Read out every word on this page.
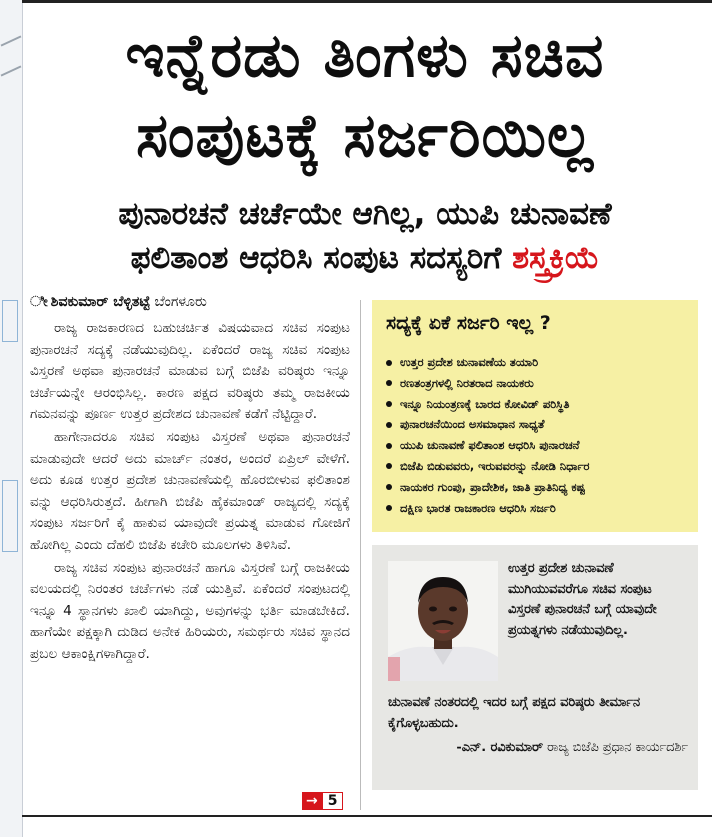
ಇನ್ನೆರಡು ತಿಂಗಳು ಸಚಿವ
ಸಂಪುಟಕ್ಕೆ ಸರ್ಜರಿಯಿಲ್ಲ
ಪುನಾರಚನೆ ಚರ್ಚೆಯೇ ಆಗಿಲ್ಲ, ಯುಪಿ ಚುನಾವಣೆ
ಫಲಿತಾಂಶ ಆಧರಿಸಿ ಸಂಪುಟ ಸದಸ್ಯರಿಗೆ ಶಸ್ತ್ರಕ್ರಿಯೆ
ೀ ಶಿವಕುಮಾರ್ ಬೆಳ್ಳಿತಟ್ಟೆ ಬೆಂಗಳೂರು

ರಾಜ್ಯ ರಾಜಕಾರಣದ ಬಹುಚರ್ಚಿತ ವಿಷಯವಾದ ಸಚಿವ ಸಂಪುಟ ಪುನಾರಚನೆ ಸದ್ಯಕ್ಕೆ ನಡೆಯುವುದಿಲ್ಲ. ಏಕೆಂದರೆ ರಾಜ್ಯ ಸಚಿವ ಸಂಪುಟ ವಿಸ್ತರಣೆ ಅಥವಾ ಪುನಾರಚನೆ ಮಾಡುವ ಬಗ್ಗೆ ಬಿಜೆಪಿ ವರಿಷ್ಠರು ಇನ್ನೂ ಚರ್ಚೆಯನ್ನೇ ಆರಂಭಿಸಿಲ್ಲ. ಕಾರಣ ಪಕ್ಷದ ವರಿಷ್ಠರು ತಮ್ಮ ರಾಜಕೀಯ ಗಮನವನ್ನು ಪೂರ್ಣ ಉತ್ತರ ಪ್ರದೇಶದ ಚುನಾವಣೆ ಕಡೆಗೆ ನೆಟ್ಟಿದ್ದಾರೆ.

ಹಾಗೇನಾದರೂ ಸಚಿವ ಸಂಪುಟ ವಿಸ್ತರಣೆ ಅಥವಾ ಪುನಾರಚನೆ ಮಾಡುವುದೇ ಆದರೆ ಅದು ಮಾರ್ಚ್ ನಂತರ, ಅಂದರೆ ಏಪ್ರಿಲ್ ವೇಳೆಗೆ. ಅದು ಕೂಡ ಉತ್ತರ ಪ್ರದೇಶ ಚುನಾವಣೆಯಲ್ಲಿ ಹೊರಬೀಳುವ ಫಲಿತಾಂಶ ವನ್ನು ಆಧರಿಸಿರುತ್ತದೆ. ಹೀಗಾಗಿ ಬಿಜೆಪಿ ಹೈಕಮಾಂಡ್ ರಾಜ್ಯದಲ್ಲಿ ಸದ್ಯಕ್ಕೆ ಸಂಪುಟ ಸರ್ಜರಿಗೆ ಕೈ ಹಾಕುವ ಯಾವುದೇ ಪ್ರಯತ್ನ ಮಾಡುವ ಗೋಜಿಗೆ ಹೋಗಿಲ್ಲ ಎಂದು ದೆಹಲಿ ಬಿಜೆಪಿ ಕಚೇರಿ ಮೂಲಗಳು ತಿಳಿಸಿವೆ.

ರಾಜ್ಯ ಸಚಿವ ಸಂಪುಟ ಪುನಾರಚನೆ ಹಾಗೂ ವಿಸ್ತರಣೆ ಬಗ್ಗೆ ರಾಜಕೀಯ ವಲಯದಲ್ಲಿ ನಿರಂತರ ಚರ್ಚೆಗಳು ನಡೆ ಯುತ್ತಿವೆ. ಏಕೆಂದರೆ ಸಂಪುಟದಲ್ಲಿ ಇನ್ನೂ 4 ಸ್ಥಾನಗಳು ಖಾಲಿ ಯಾಗಿದ್ದು, ಅವುಗಳನ್ನು ಭರ್ತಿ ಮಾಡಬೇಕಿದೆ. ಹಾಗೆಯೇ ಪಕ್ಷಕ್ಕಾಗಿ ದುಡಿದ ಅನೇಕ ಹಿರಿಯರು, ಸಮರ್ಥರು ಸಚಿವ ಸ್ಥಾನದ ಪ್ರಬಲ ಆಕಾಂಕ್ಷಿಗಳಾಗಿದ್ದಾರೆ.

→ 5
ಸದ್ಯಕ್ಕೆ ಏಕೆ ಸರ್ಜರಿ ಇಲ್ಲ ?
ಉತ್ತರ ಪ್ರದೇಶ ಚುನಾವಣೆಯ ತಯಾರಿ
ರಣತಂತ್ರಗಳಲ್ಲಿ ನಿರತರಾದ ನಾಯಕರು
ಇನ್ನೂ ನಿಯಂತ್ರಣಕ್ಕೆ ಬಾರದ ಕೋವಿಡ್ ಪರಿಸ್ಥಿತಿ
ಪುನಾರಚನೆಯಿಂದ ಅಸಮಾಧಾನ ಸಾಧ್ಯತೆ
ಯುಪಿ ಚುನಾವಣೆ ಫಲಿತಾಂಶ ಆಧರಿಸಿ ಪುನಾರಚನೆ
ಬಿಜೆಪಿ ಬಿಡುವವರು, ಇರುವವರನ್ನು ನೋಡಿ ನಿರ್ಧಾರ
ನಾಯಕರ ಗುಂಪು, ಪ್ರಾದೇಶಿಕ, ಜಾತಿ ಪ್ರಾತಿನಿಧ್ಯ ಕಷ್ಟ
ದಕ್ಷಿಣ ಭಾರತ ರಾಜಕಾರಣ ಆಧರಿಸಿ ಸರ್ಜರಿ
ಉತ್ತರ ಪ್ರದೇಶ ಚುನಾವಣೆ ಮುಗಿಯುವವರೆಗೂ ಸಚಿವ ಸಂಪುಟ ವಿಸ್ತರಣೆ ಪುನಾರಚನೆ ಬಗ್ಗೆ ಯಾವುದೇ ಪ್ರಯತ್ನಗಳು ನಡೆಯುವುದಿಲ್ಲ.
ಚುನಾವಣೆ ನಂತರದಲ್ಲಿ ಇದರ ಬಗ್ಗೆ ಪಕ್ಷದ ವರಿಷ್ಠರು ತೀರ್ಮಾನ ಕೈಗೊಳ್ಳಬಹುದು.
-ಎನ್. ರವಿಕುಮಾರ್ ರಾಜ್ಯ ಬಿಜೆಪಿ ಪ್ರಧಾನ ಕಾರ್ಯದರ್ಶಿ
